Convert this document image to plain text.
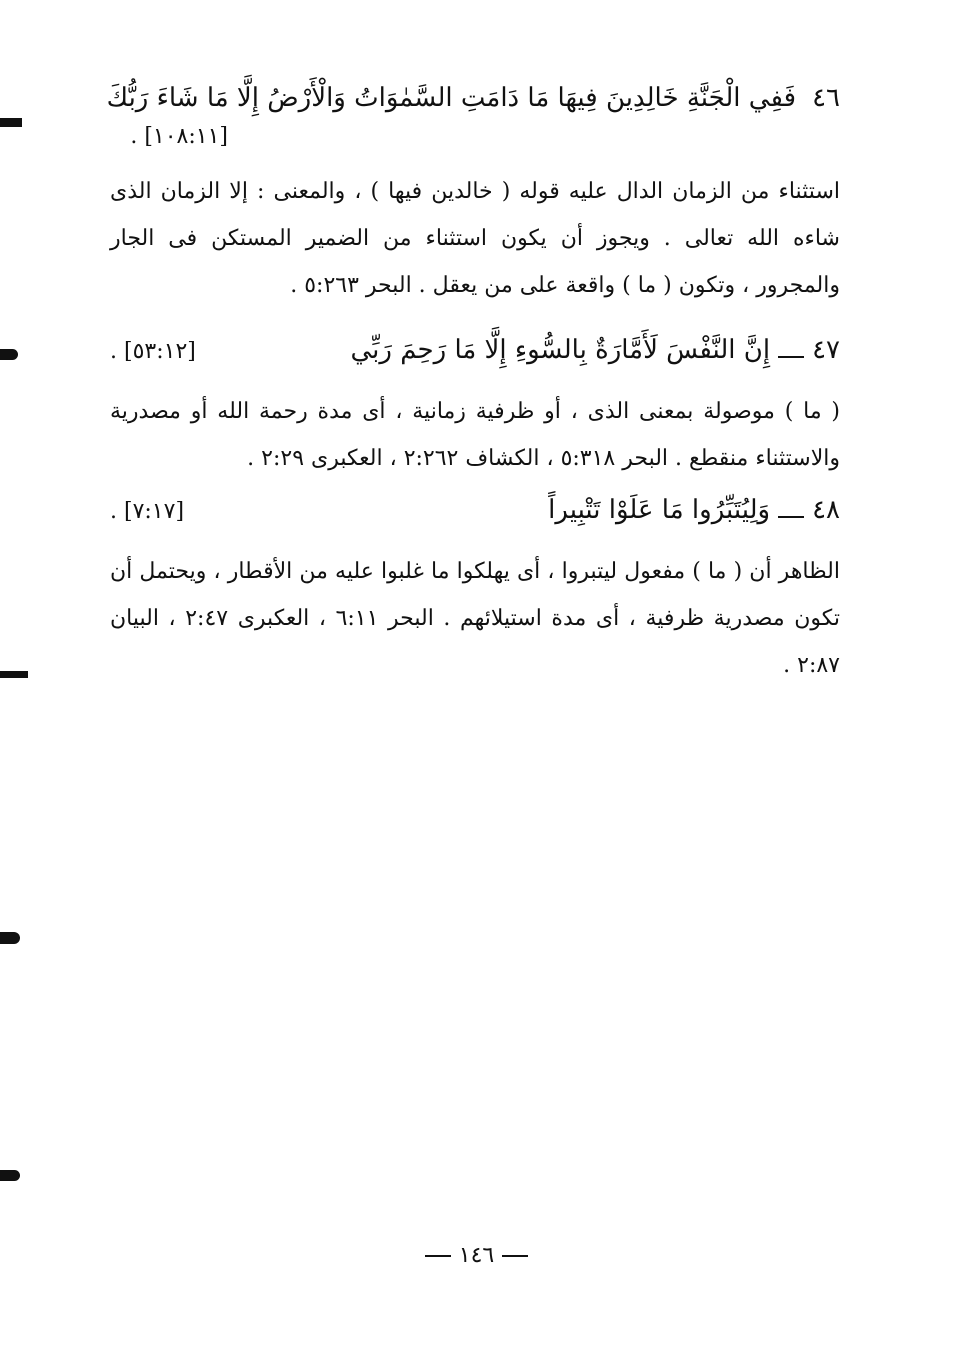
٤٦
فَفِي الْجَنَّةِ خَالِدِينَ فِيهَا مَا دَامَتِ السَّمٰوَاتُ وَالْأَرْضُ إِلَّا مَا شَاءَ رَبُّكَ
[١٠٨:١١] .
استثناء من الزمان الدال عليه قوله ( خالدين فيها ) ، والمعنى : إلا الزمان الذى شاءه الله تعالى . ويجوز أن يكون استثناء من الضمير المستكن فى الجار والمجرور ، وتكون ( ما ) واقعة على من يعقل . البحر ٥:٢٦٣ .
٤٧
إِنَّ النَّفْسَ لَأَمَّارَةٌ بِالسُّوءِ إِلَّا مَا رَحِمَ رَبِّي
[٥٣:١٢] .
( ما ) موصولة بمعنى الذى ، أو ظرفية زمانية ، أى مدة رحمة الله أو مصدرية والاستثناء منقطع . البحر ٥:٣١٨ ، الكشاف ٢:٢٦٢ ، العكبرى ٢:٢٩ .
٤٨
وَلِيُتَبِّرُوا مَا عَلَوْا تَتْبِيراً
[٧:١٧] .
الظاهر أن ( ما ) مفعول ليتبروا ، أى يهلكوا ما غلبوا عليه من الأقطار ، ويحتمل أن تكون مصدرية ظرفية ، أى مدة استيلائهم . البحر ٦:١١ ، العكبرى ٢:٤٧ ، البيان ٢:٨٧ .
١٤٦
